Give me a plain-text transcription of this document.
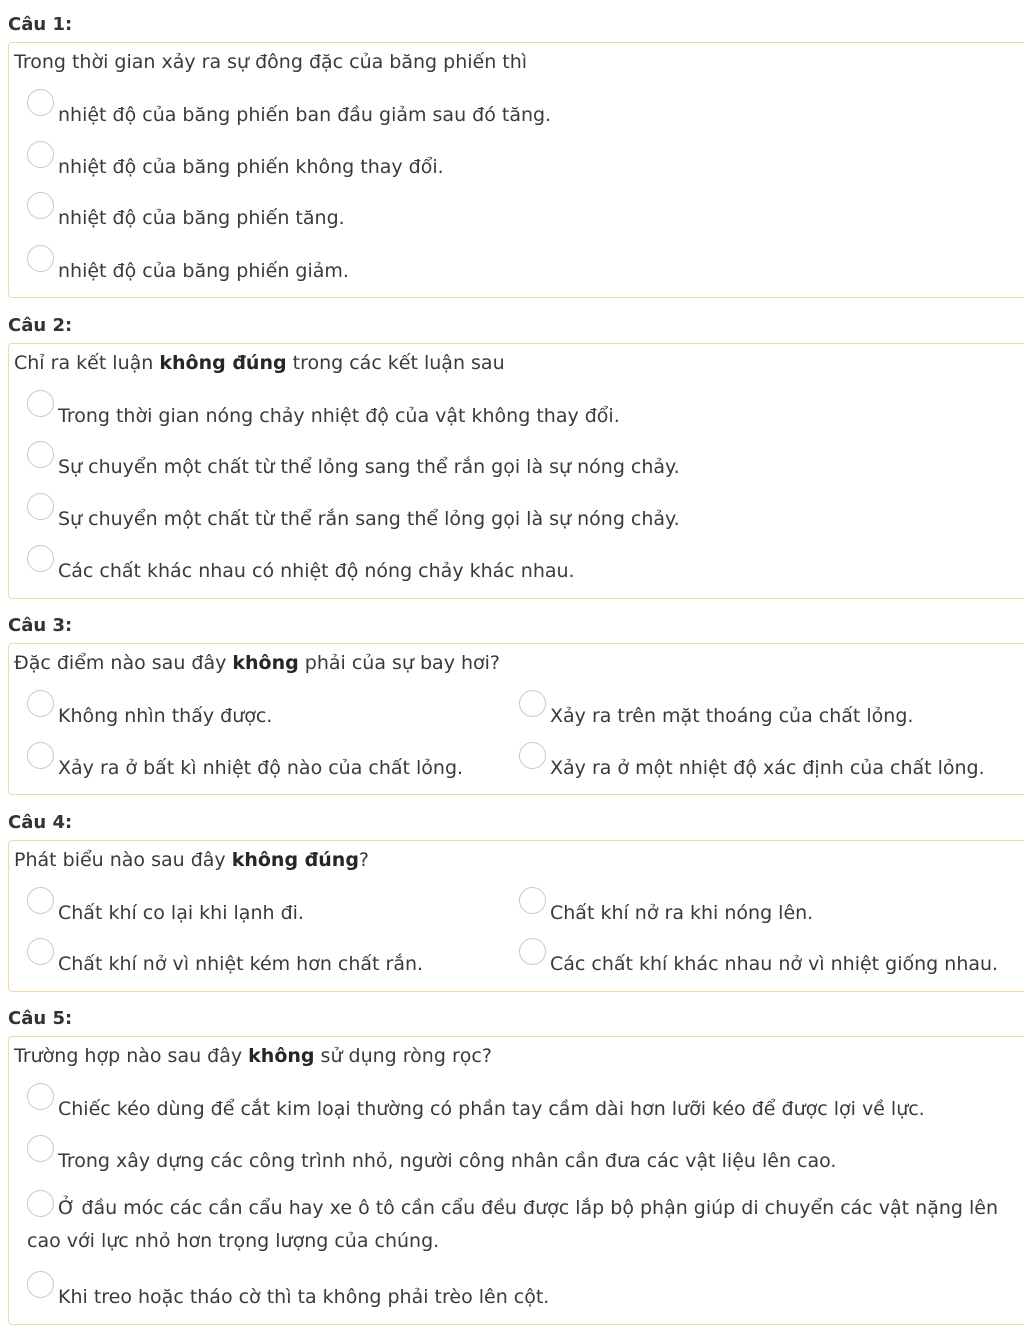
Câu 1:
Trong thời gian xảy ra sự đông đặc của băng phiến thì
nhiệt độ của băng phiến ban đầu giảm sau đó tăng.
nhiệt độ của băng phiến không thay đổi.
nhiệt độ của băng phiến tăng.
nhiệt độ của băng phiến giảm.
Câu 2:
Chỉ ra kết luận không đúng trong các kết luận sau
Trong thời gian nóng chảy nhiệt độ của vật không thay đổi.
Sự chuyển một chất từ thể lỏng sang thể rắn gọi là sự nóng chảy.
Sự chuyển một chất từ thể rắn sang thể lỏng gọi là sự nóng chảy.
Các chất khác nhau có nhiệt độ nóng chảy khác nhau.
Câu 3:
Đặc điểm nào sau đây không phải của sự bay hơi?
Không nhìn thấy được.	Xảy ra trên mặt thoáng của chất lỏng.
Xảy ra ở bất kì nhiệt độ nào của chất lỏng.	Xảy ra ở một nhiệt độ xác định của chất lỏng.
Câu 4:
Phát biểu nào sau đây không đúng?
Chất khí co lại khi lạnh đi.	Chất khí nở ra khi nóng lên.
Chất khí nở vì nhiệt kém hơn chất rắn.	Các chất khí khác nhau nở vì nhiệt giống nhau.
Câu 5:
Trường hợp nào sau đây không sử dụng ròng rọc?
Chiếc kéo dùng để cắt kim loại thường có phần tay cầm dài hơn lưỡi kéo để được lợi về lực.
Trong xây dựng các công trình nhỏ, người công nhân cần đưa các vật liệu lên cao.
Ở đầu móc các cần cẩu hay xe ô tô cần cẩu đều được lắp bộ phận giúp di chuyển các vật nặng lên cao với lực nhỏ hơn trọng lượng của chúng.
Khi treo hoặc tháo cờ thì ta không phải trèo lên cột.
